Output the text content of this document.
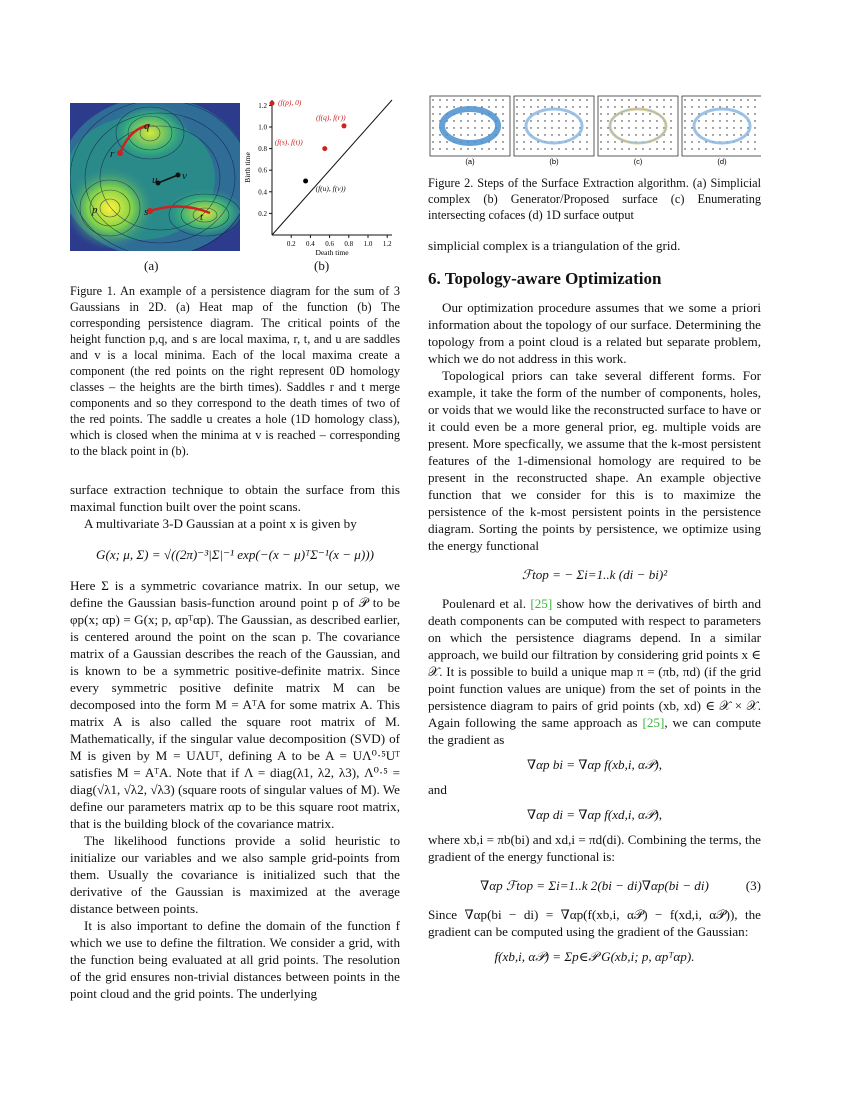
q
s
r
t
u v
p
0.2
0.2
0.4
0.4
0.6
0.6
0.8
0.8
1.0
1.0
1.2
1.2
Death time
Birth time
(f(p), 0)
(f(q), f(r))
(f(s), f(t))
(f(u), f(v))
(a)	(b)

Figure 1. An example of a persistence diagram for the sum of 3 Gaussians in 2D. (a) Heat map of the function (b) The corresponding persistence diagram. The critical points of the height function p,q, and s are local maxima, r, t, and u are saddles and v is a local minima. Each of the local maxima create a component (the red points on the right represent 0D homology classes – the heights are the birth times). Saddles r and t merge components and so they correspond to the death times of two of the red points. The saddle u creates a hole (1D homology class), which is closed when the minima at v is reached – corresponding to the black point in (b).

surface extraction technique to obtain the surface from this maximal function built over the point scans.

A multivariate 3-D Gaussian at a point x is given by

G(x; μ, Σ) = √((2π)⁻³|Σ|⁻¹ exp(−(x − μ)ᵀΣ⁻¹(x − μ)))

Here Σ is a symmetric covariance matrix. In our setup, we define the Gaussian basis-function around point p of 𝒫 to be φp(x; αp) = G(x; p, αpᵀαp). The Gaussian, as described earlier, is centered around the point on the scan p. The covariance matrix of a Gaussian describes the reach of the Gaussian, and is known to be a symmetric positive-definite matrix. Since every symmetric positive definite matrix M can be decomposed into the form M = AᵀA for some matrix A. This matrix A is also called the square root matrix of M. Mathematically, if the singular value decomposition (SVD) of M is given by M = UΛUᵀ, defining A to be A = UΛ⁰·⁵Uᵀ satisfies M = AᵀA. Note that if Λ = diag(λ1, λ2, λ3), Λ⁰·⁵ = diag(√λ1, √λ2, √λ3) (square roots of singular values of M). We define our parameters matrix αp to be this square root matrix, that is the building block of the covariance matrix.

The likelihood functions provide a solid heuristic to initialize our variables and we also sample grid-points from them. Usually the covariance is initialized such that the derivative of the Gaussian is maximized at the average distance between points.

It is also important to define the domain of the function f which we use to define the filtration. We consider a grid, with the function being evaluated at all grid points. The resolution of the grid ensures non-trivial distances between points in the point cloud and the grid points. The underlying

(a)	(b)	(c)	(d)

Figure 2. Steps of the Surface Extraction algorithm. (a) Simplicial complex (b) Generator/Proposed surface (c) Enumerating intersecting cofaces (d) 1D surface output

simplicial complex is a triangulation of the grid.

6. Topology-aware Optimization

Our optimization procedure assumes that we some a priori information about the topology of our surface. Determining the topology from a point cloud is a related but separate problem, which we do not address in this work.

Topological priors can take several different forms. For example, it take the form of the number of components, holes, or voids that we would like the reconstructed surface to have or it could even be a more general prior, eg. multiple voids are present. More specfically, we assume that the k-most persistent features of the 1-dimensional homology are required to be present in the reconstructed shape. An example objective function that we consider for this is to maximize the persistence of the k-most persistent points in the persistence diagram. Sorting the points by persistence, we optimize using the energy functional

ℱtop = − Σi=1..k (di − bi)²

Poulenard et al. [25] show how the derivatives of birth and death components can be computed with respect to parameters on which the persistence diagrams depend. In a similar approach, we build our filtration by considering grid points x ∈ 𝒳. It is possible to build a unique map π = (πb, πd) (if the grid point function values are unique) from the set of points in the persistence diagram to pairs of grid points (xb, xd) ∈ 𝒳 × 𝒳. Again following the same approach as [25], we can compute the gradient as

∇αp bi = ∇αp f(xb,i, α𝒫),

and

∇αp di = ∇αp f(xd,i, α𝒫),

where xb,i = πb(bi) and xd,i = πd(di). Combining the terms, the gradient of the energy functional is:

∇αp ℱtop = Σi=1..k 2(bi − di)∇αp(bi − di)	(3)

Since ∇αp(bi − di) = ∇αp(f(xb,i, α𝒫) − f(xd,i, α𝒫)), the gradient can be computed using the gradient of the Gaussian:

f(xb,i, α𝒫) = Σp∈𝒫 G(xb,i; p, αpᵀαp).
